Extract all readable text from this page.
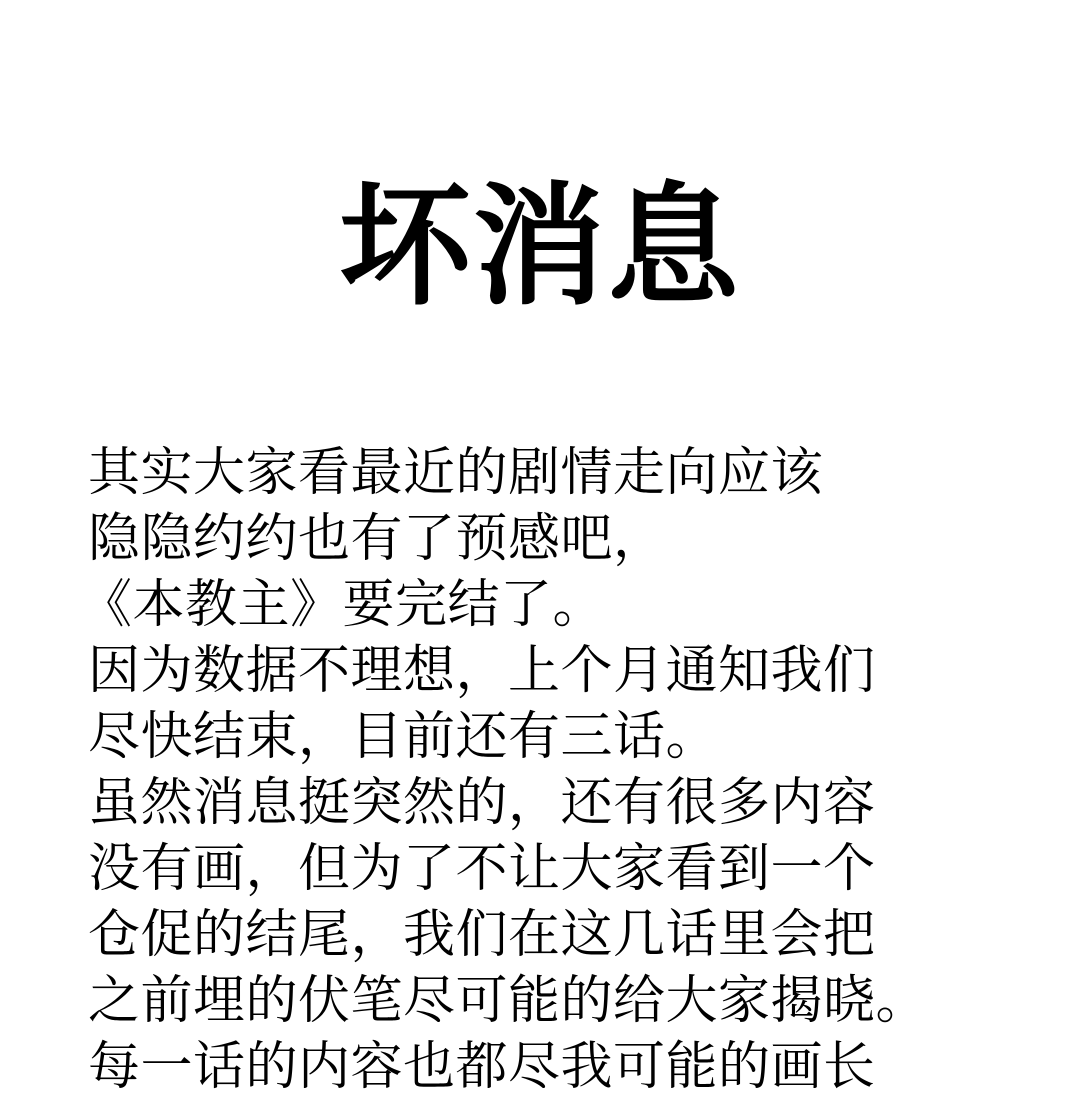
坏消息
其实大家看最近的剧情走向应该
隐隐约约也有了预感吧，
《本教主》要完结了。
因为数据不理想，上个月通知我们
尽快结束，目前还有三话。
虽然消息挺突然的，还有很多内容
没有画，但为了不让大家看到一个
仓促的结尾，我们在这几话里会把
之前埋的伏笔尽可能的给大家揭晓。
每一话的内容也都尽我可能的画长
